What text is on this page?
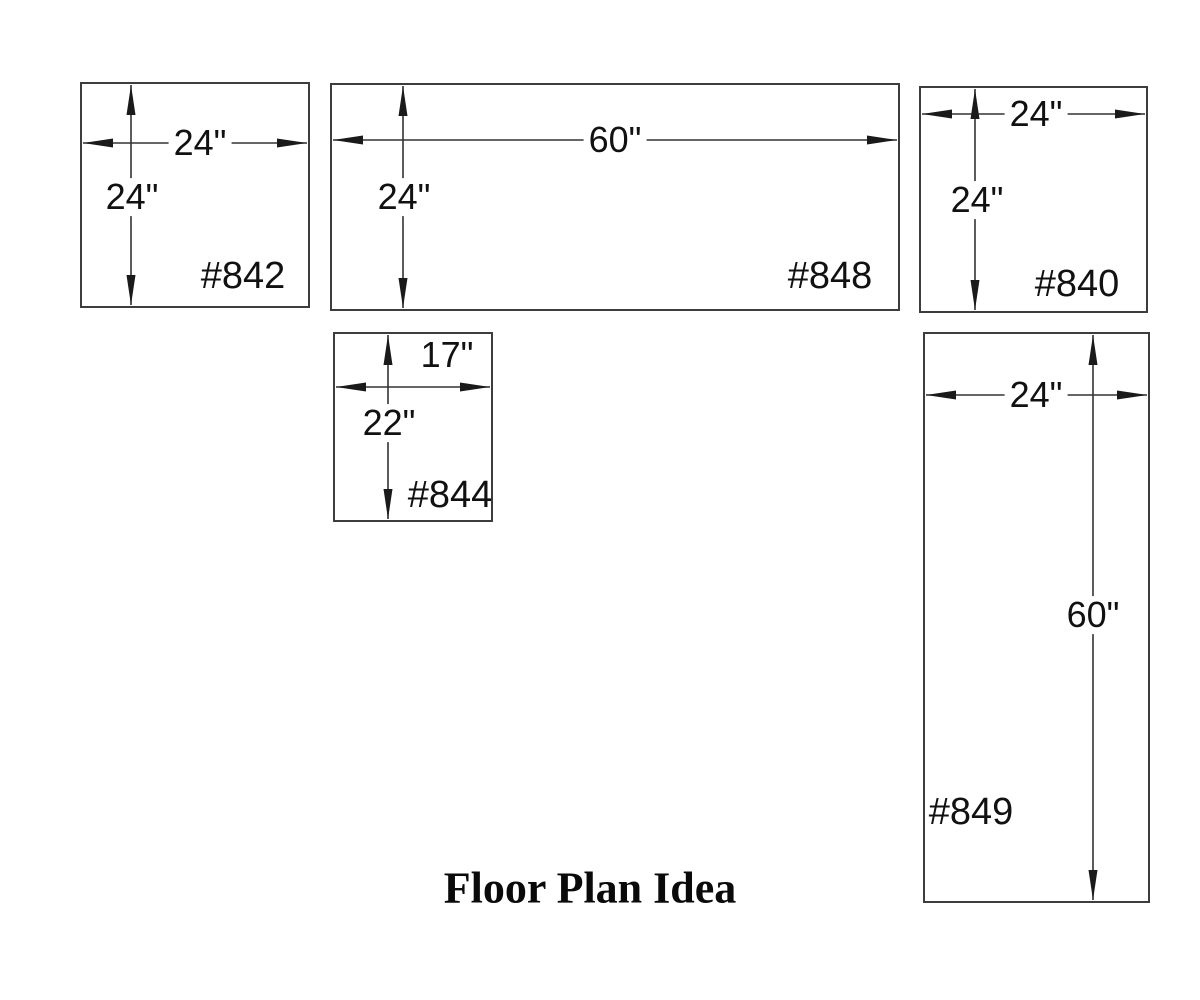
24"
24"
#842
60"
24"
#848
24"
24"
#840
17"
22"
#844
24"
60"
#849
Floor Plan Idea
